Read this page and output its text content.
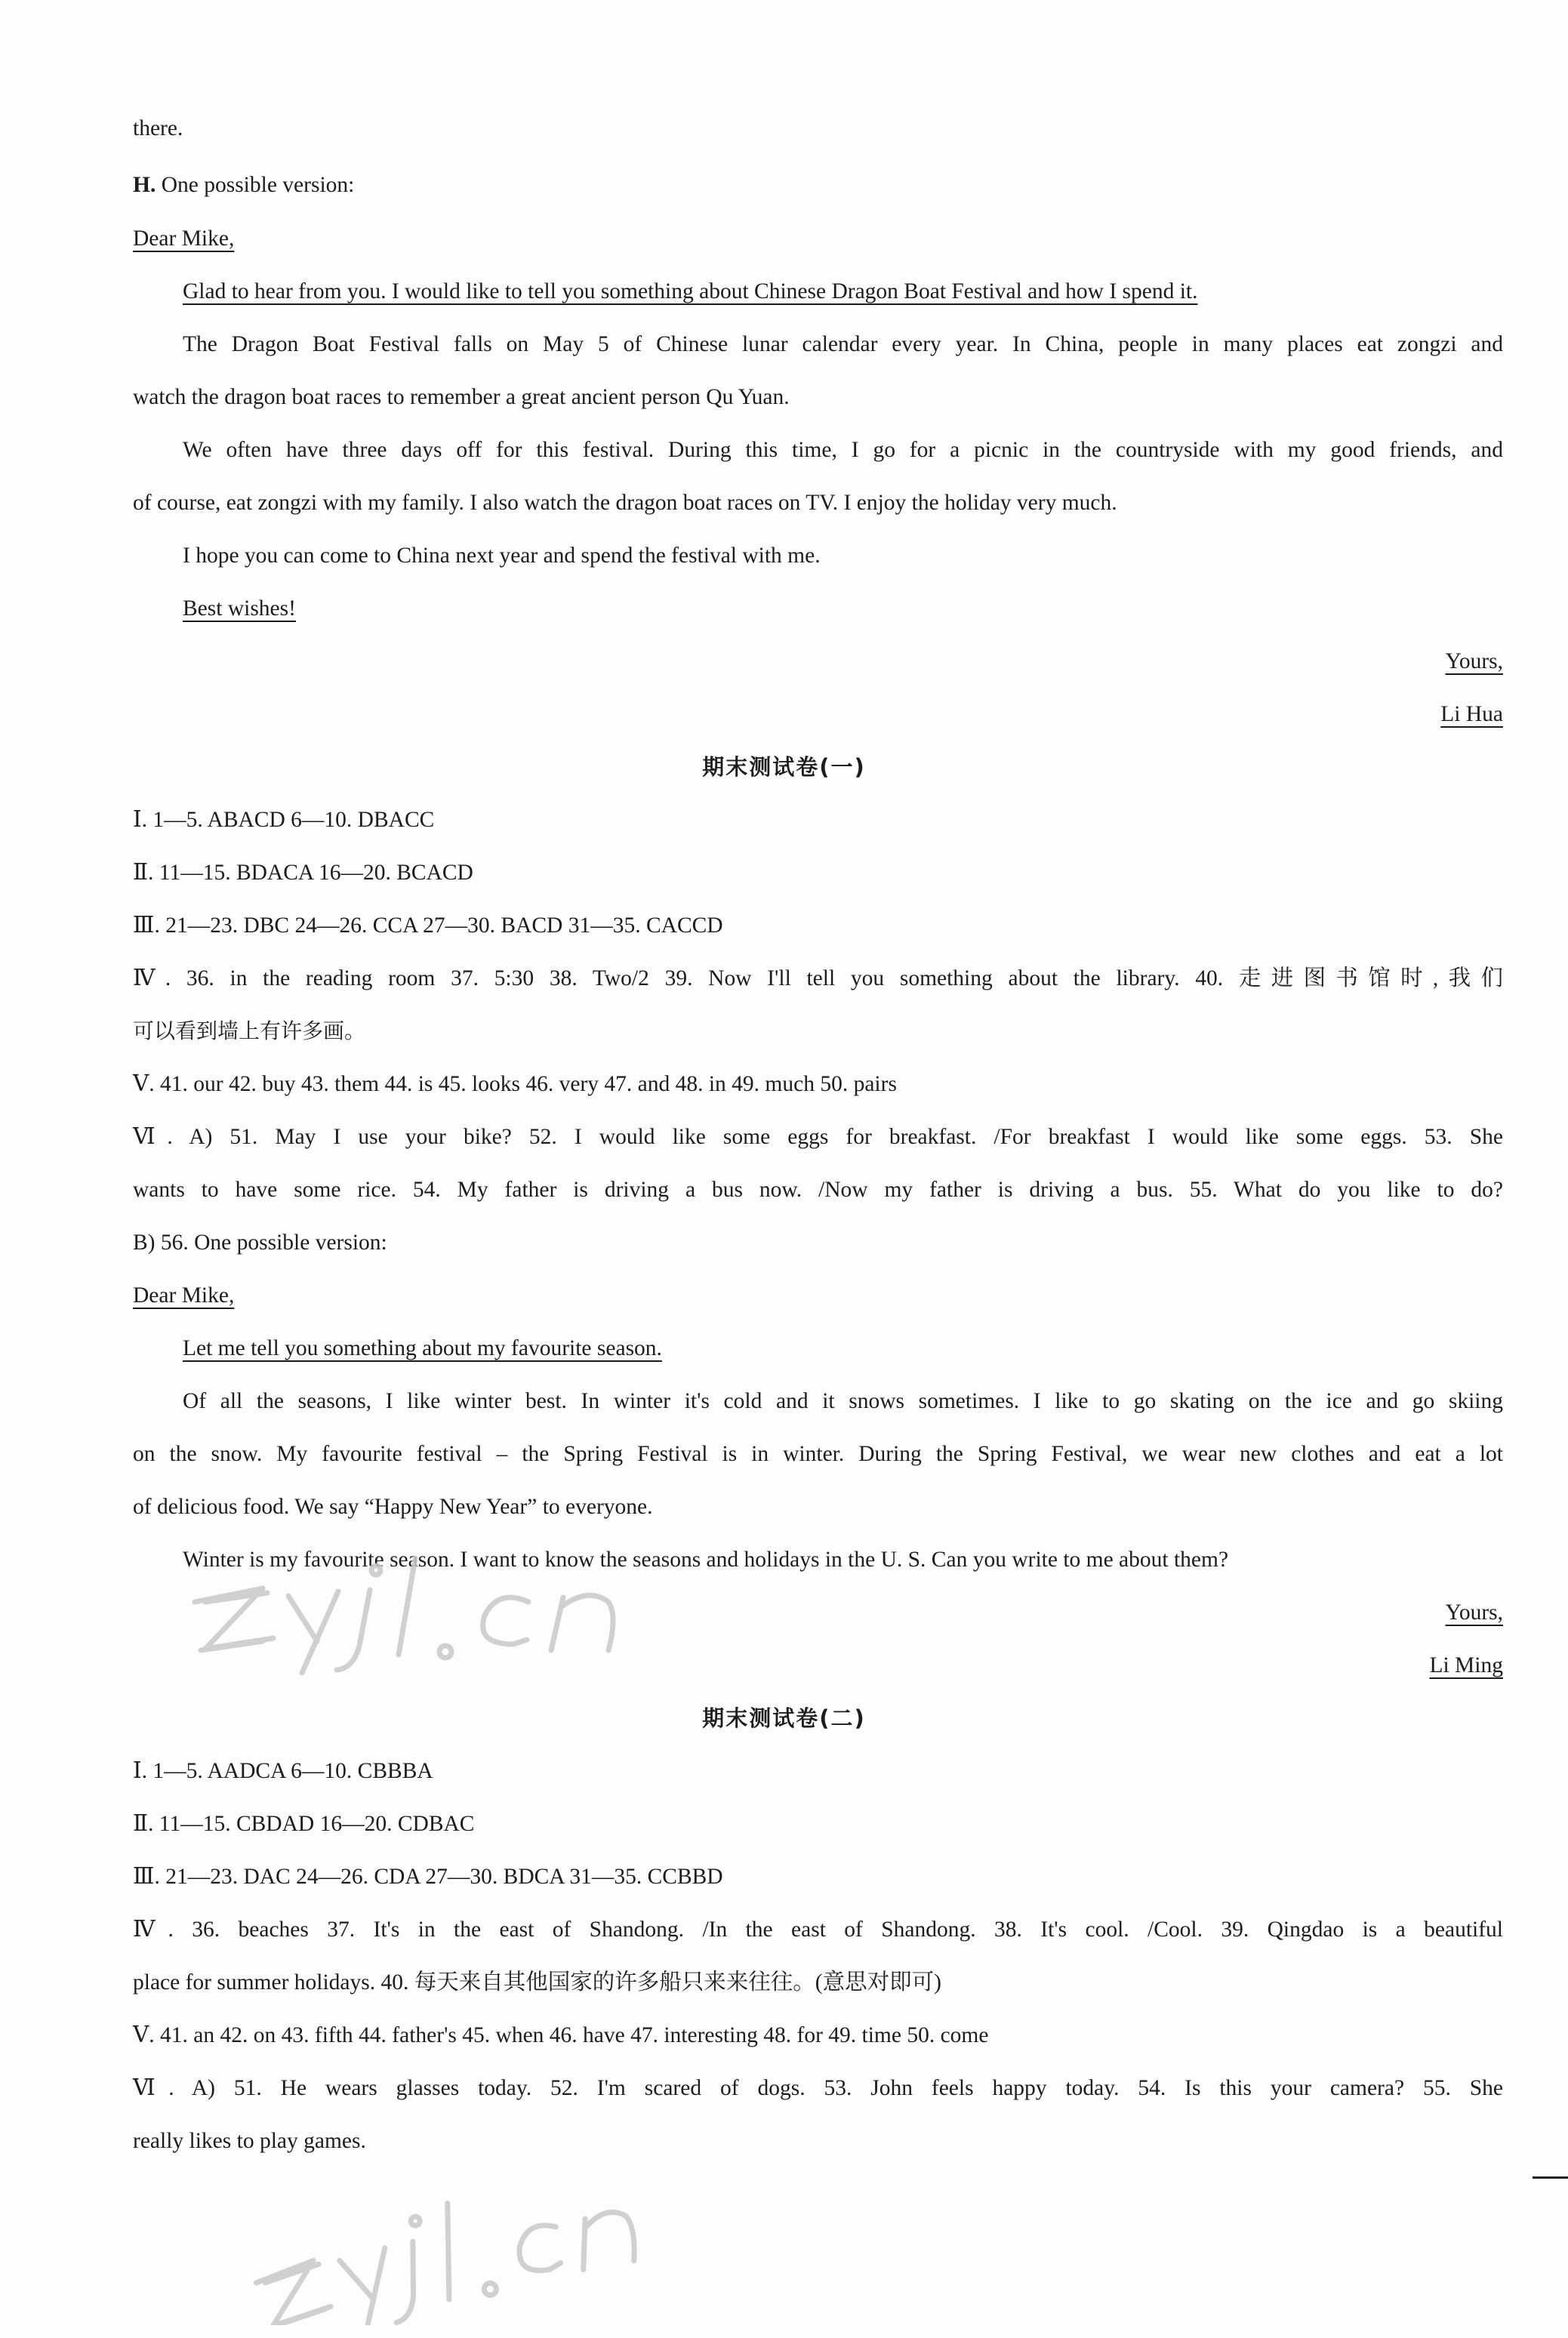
there.
H. One possible version:
Dear Mike,
Glad to hear from you. I would like to tell you something about Chinese Dragon Boat Festival and how I spend it.
The Dragon Boat Festival falls on May 5 of Chinese lunar calendar every year. In China, people in many places eat zongzi and
watch the dragon boat races to remember a great ancient person Qu Yuan.
We often have three days off for this festival. During this time, I go for a picnic in the countryside with my good friends, and
of course, eat zongzi with my family. I also watch the dragon boat races on TV. I enjoy the holiday very much.
I hope you can come to China next year and spend the festival with me.
Best wishes!
Yours,
Li Hua
期末测试卷(一)
Ⅰ. 1—5. ABACD 6—10. DBACC
Ⅱ. 11—15. BDACA 16—20. BCACD
Ⅲ. 21—23. DBC 24—26. CCA 27—30. BACD 31—35. CACCD
Ⅳ. 36. in the reading room 37. 5:30 38. Two/2 39. Now I'll tell you something about the library. 40. 走进图书馆时,我们
可以看到墙上有许多画。
Ⅴ. 41. our 42. buy 43. them 44. is 45. looks 46. very 47. and 48. in 49. much 50. pairs
Ⅵ. A) 51. May I use your bike? 52. I would like some eggs for breakfast. /For breakfast I would like some eggs. 53. She
wants to have some rice. 54. My father is driving a bus now. /Now my father is driving a bus. 55. What do you like to do?
B) 56. One possible version:
Dear Mike,
Let me tell you something about my favourite season.
Of all the seasons, I like winter best. In winter it's cold and it snows sometimes. I like to go skating on the ice and go skiing
on the snow. My favourite festival – the Spring Festival is in winter. During the Spring Festival, we wear new clothes and eat a lot
of delicious food. We say “Happy New Year” to everyone.
Winter is my favourite season. I want to know the seasons and holidays in the U. S. Can you write to me about them?
Yours,
Li Ming
期末测试卷(二)
Ⅰ. 1—5. AADCA 6—10. CBBBA
Ⅱ. 11—15. CBDAD 16—20. CDBAC
Ⅲ. 21—23. DAC 24—26. CDA 27—30. BDCA 31—35. CCBBD
Ⅳ. 36. beaches 37. It's in the east of Shandong. /In the east of Shandong. 38. It's cool. /Cool. 39. Qingdao is a beautiful
place for summer holidays. 40. 每天来自其他国家的许多船只来来往往。(意思对即可)
Ⅴ. 41. an 42. on 43. fifth 44. father's 45. when 46. have 47. interesting 48. for 49. time 50. come
Ⅵ. A) 51. He wears glasses today. 52. I'm scared of dogs. 53. John feels happy today. 54. Is this your camera? 55. She
really likes to play games.
